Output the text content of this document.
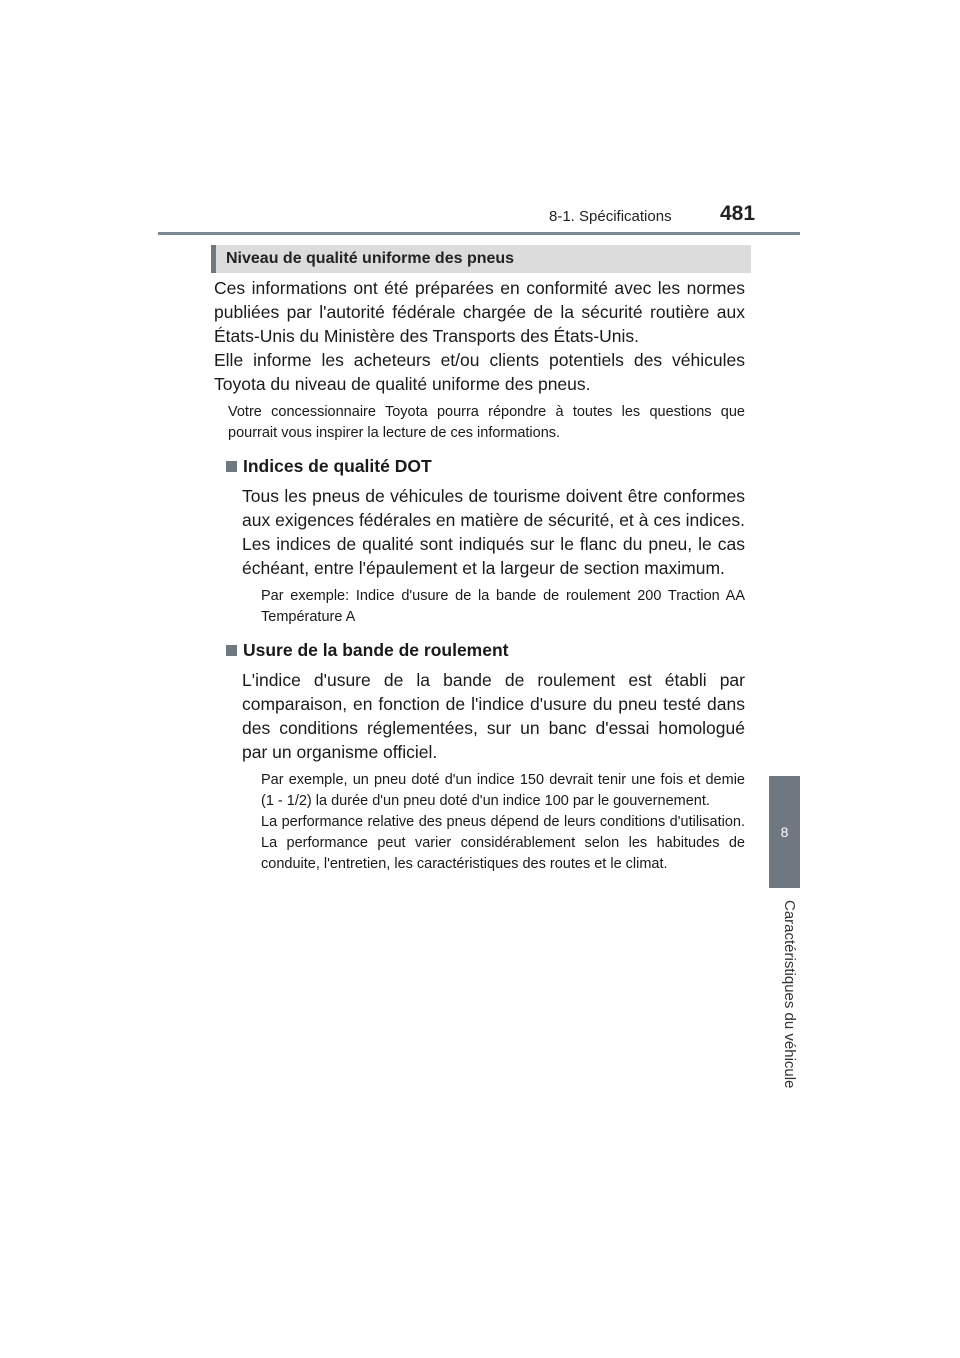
8-1. Spécifications 481
8
Caractéristiques du véhicule
Niveau de qualité uniforme des pneus

Ces informations ont été préparées en conformité avec les normes publiées par l'autorité fédérale chargée de la sécurité routière aux États-Unis du Ministère des Transports des États-Unis.

Elle informe les acheteurs et/ou clients potentiels des véhicules Toyota du niveau de qualité uniforme des pneus.

Votre concessionnaire Toyota pourra répondre à toutes les questions que pourrait vous inspirer la lecture de ces informations.

Indices de qualité DOT

Tous les pneus de véhicules de tourisme doivent être conformes aux exigences fédérales en matière de sécurité, et à ces indices. Les indices de qualité sont indiqués sur le flanc du pneu, le cas échéant, entre l'épaulement et la largeur de section maximum.

Par exemple: Indice d'usure de la bande de roulement 200 Traction AA Température A

Usure de la bande de roulement

L'indice d'usure de la bande de roulement est établi par comparaison, en fonction de l'indice d'usure du pneu testé dans des conditions réglementées, sur un banc d'essai homologué par un organisme officiel.

Par exemple, un pneu doté d'un indice 150 devrait tenir une fois et demie (1 - 1/2) la durée d'un pneu doté d'un indice 100 par le gouvernement.

La performance relative des pneus dépend de leurs conditions d'utilisation. La performance peut varier considérablement selon les habitudes de conduite, l'entretien, les caractéristiques des routes et le climat.
